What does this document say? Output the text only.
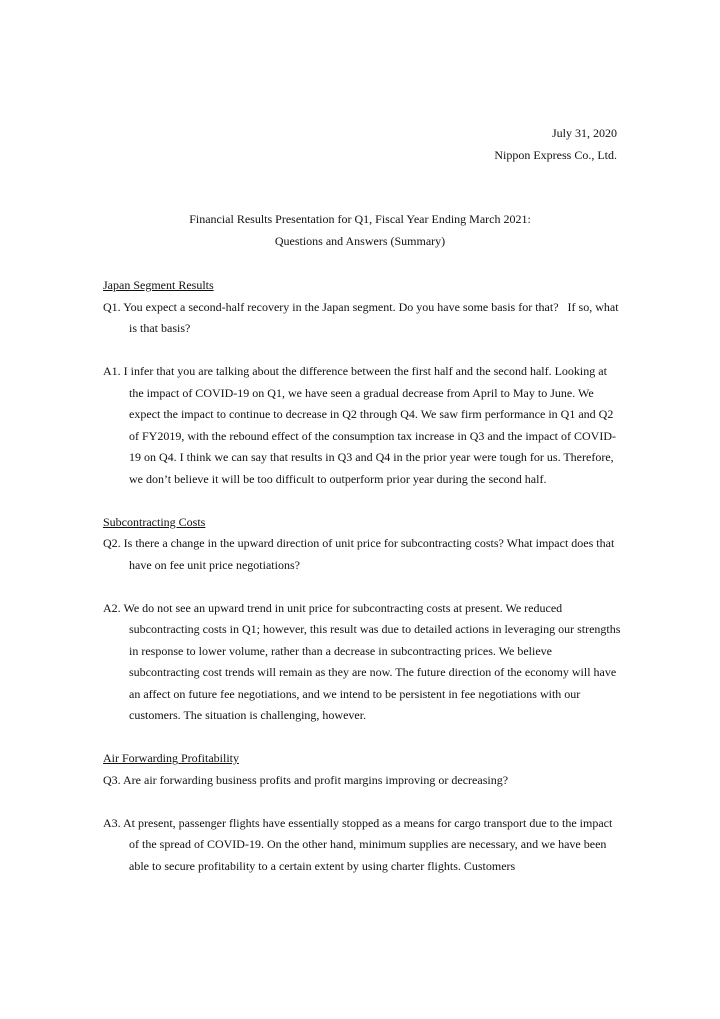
July 31, 2020
Nippon Express Co., Ltd.
Financial Results Presentation for Q1, Fiscal Year Ending March 2021:
Questions and Answers (Summary)

Japan Segment Results

Q1. You expect a second-half recovery in the Japan segment. Do you have some basis for that?   If so, what is that basis?

A1. I infer that you are talking about the difference between the first half and the second half. Looking at the impact of COVID-19 on Q1, we have seen a gradual decrease from April to May to June. We expect the impact to continue to decrease in Q2 through Q4. We saw firm performance in Q1 and Q2 of FY2019, with the rebound effect of the consumption tax increase in Q3 and the impact of COVID-19 on Q4. I think we can say that results in Q3 and Q4 in the prior year were tough for us. Therefore, we don’t believe it will be too difficult to outperform prior year during the second half.

Subcontracting Costs

Q2. Is there a change in the upward direction of unit price for subcontracting costs? What impact does that have on fee unit price negotiations?

A2. We do not see an upward trend in unit price for subcontracting costs at present. We reduced subcontracting costs in Q1; however, this result was due to detailed actions in leveraging our strengths in response to lower volume, rather than a decrease in subcontracting prices. We believe subcontracting cost trends will remain as they are now. The future direction of the economy will have an affect on future fee negotiations, and we intend to be persistent in fee negotiations with our customers. The situation is challenging, however.

Air Forwarding Profitability

Q3. Are air forwarding business profits and profit margins improving or decreasing?

A3. At present, passenger flights have essentially stopped as a means for cargo transport due to the impact of the spread of COVID-19. On the other hand, minimum supplies are necessary, and we have been able to secure profitability to a certain extent by using charter flights. Customers
